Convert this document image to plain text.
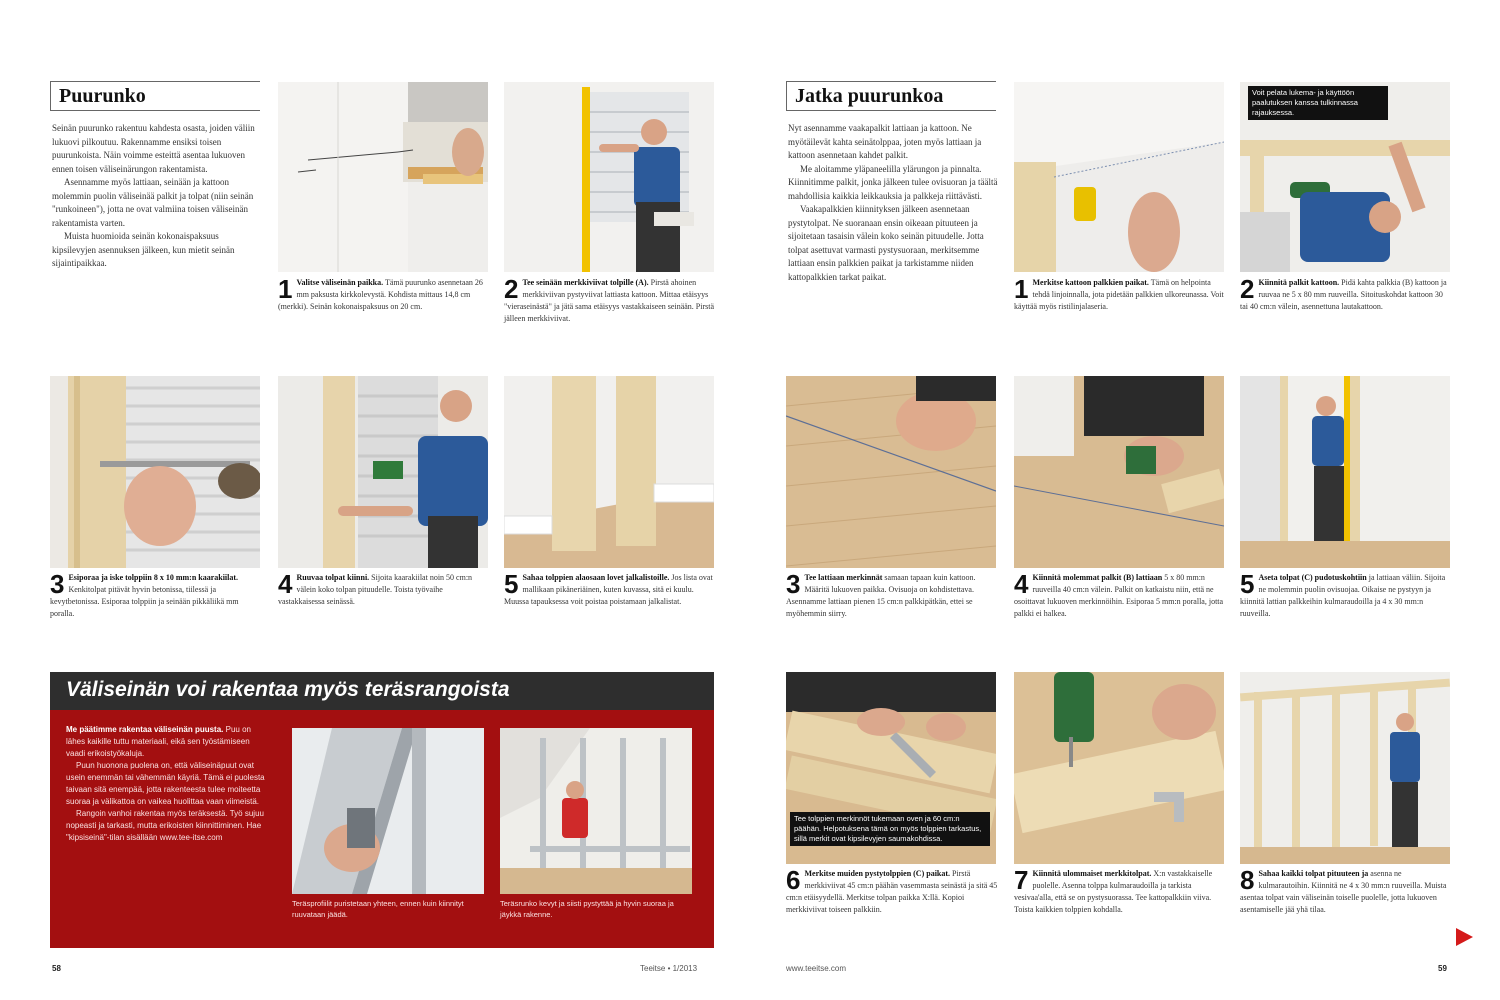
Puurunko

Seinän puurunko rakentuu kahdesta osasta, joiden väliin lukuovi pilkoutuu. Rakennamme ensiksi toisen puurunkoista. Näin voimme esteittä asentaa lukuoven ennen toisen väliseinärungon rakentamista.

Asennamme myös lattiaan, seinään ja kattoon molemmin puolin väliseinää palkit ja tolpat (niin seinän "runkoineen"), jotta ne ovat valmiina toisen väliseinän rakentamista varten.

Muista huomioida seinän kokonaispaksuus kipsilevyjen asennuksen jälkeen, kun mietit seinän sijaintipaikkaa.

1 Valitse väliseinän paikka. Tämä puurunko asennetaan 26 mm paksusta kirkkolevystä. Kohdista mittaus 14,8 cm (merkki). Seinän kokonaispaksuus on 20 cm.
2 Tee seinään merkkiviivat tolpille (A). Pirstä ahoinen merkkiviivan pystyviivat lattiasta kattoon. Mittaa etäisyys "vieraseinästä" ja jätä sama etäisyys vastakkaiseen seinään. Pirstä jälleen merkkiviivat.
3 Esiporaa ja iske tolppiin 8 x 10 mm:n kaarakiilat. Kenkitolpat pitävät hyvin betonissa, tiilessä ja kevytbetonissa. Esiporaa tolppiin ja seinään pikkäliikä mm poralla.
4 Ruuvaa tolpat kiinni. Sijoita kaarakiilat noin 50 cm:n välein koko tolpan pituudelle. Toista työvaihe vastakkaisessa seinässä.
5 Sahaa tolppien alaosaan lovet jalkalistoille. Jos lista ovat mallikaan pikäneriäinen, kuten kuvassa, sitä ei kuulu. Muussa tapauksessa voit poistaa poistamaan jalkalistat.
Väliseinän voi rakentaa myös teräsrangoista

Me päätimme rakentaa väliseinän puusta. Puu on lähes kaikille tuttu materiaali, eikä sen työstämiseen vaadi erikoistyökaluja.

Puun huonona puolena on, että väliseinäpuut ovat usein enemmän tai vähemmän käyriä. Tämä ei puolesta taivaan sitä enempää, jotta rakenteesta tulee moiteetta suoraa ja välikattoa on vaikea huolittaa vaan viimeistä.

Rangoin vanhoi rakentaa myös teräksestä. Työ sujuu nopeasti ja tarkasti, mutta erikoisten kiinnittiminen. Hae "kipsiseinä"-tilan sisällään www.tee-itse.com

Teräsprofiilit puristetaan yhteen, ennen kuin kiinnityt ruuvataan jäädä.
Teräsrunko kevyt ja siisti pystyttää ja hyvin suoraa ja jäykkä rakenne.
58	Teeitse • 1/2013
Jatka puurunkoa

Nyt asennamme vaakapalkit lattiaan ja kattoon. Ne myötäilevät kahta seinätolppaa, joten myös lattiaan ja kattoon asennetaan kahdet palkit.

Me aloitamme yläpaneelilla ylärungon ja pinnalta. Kiinnitimme palkit, jonka jälkeen tulee ovisuoran ja täältä mahdollisia kaikkia leikkauksia ja palkkeja riittävästi.

Vaakapalkkien kiinnityksen jälkeen asennetaan pystytolpat. Ne suoranaan ensin oikeaan pituuteen ja sijoitetaan tasaisin välein koko seinän pituudelle. Jotta tolpat asettuvat varmasti pystysuoraan, merkitsemme lattiaan ensin palkkien paikat ja tarkistamme niiden kattopalkkien tarkat paikat.

Voit pelata lukema- ja käyttöön paalutuksen kanssa tulkinnassa rajauksessa.
1 Merkitse kattoon palkkien paikat. Tämä on helpointa tehdä linjoinnalla, jota pidetään palkkien ulkoreunassa. Voit käyttää myös ristilinjalaseria.
2 Kiinnitä palkit kattoon. Pidä kahta palkkia (B) kattoon ja ruuvaa ne 5 x 80 mm ruuveilla. Sitoituskohdat kattoon 30 tai 40 cm:n välein, asennettuna lautakattoon.
3 Tee lattiaan merkinnät samaan tapaan kuin kattoon. Määritä lukuoven paikka. Ovisuoja on kohdistettava. Asennamme lattiaan pienen 15 cm:n palkkipätkän, ettei se myöhemmin siirry.
4 Kiinnitä molemmat palkit (B) lattiaan 5 x 80 mm:n ruuveilla 40 cm:n välein. Palkit on katkaistu niin, että ne osoittavat lukuoven merkinnöihin. Esiporaa 5 mm:n poralla, jotta palkki ei halkea.
5 Aseta tolpat (C) pudotuskohtiin ja lattiaan väliin. Sijoita ne molemmin puolin ovisuojaa. Oikaise ne pystyyn ja kiinnitä lattian palkkeihin kulmaraudoilla ja 4 x 30 mm:n ruuveilla.
Tee tolppien merkinnöt tukemaan oven ja 60 cm:n päähän. Helpotuksena tämä on myös tolppien tarkastus, sillä merkit ovat kipsilevyjen saumakohdissa.
6 Merkitse muiden pystytolppien (C) paikat. Pirstä merkkiviivat 45 cm:n päähän vasemmasta seinästä ja sitä 45 cm:n etäisyydellä. Merkitse tolpan paikka X:llä. Kopioi merkkiviivat toiseen palkkiin.
7 Kiinnitä ulommaiset merkkitolpat. X:n vastakkaiselle puolelle. Asenna tolppa kulmaraudoilla ja tarkista vesivaa'alla, että se on pystysuorassa. Tee kattopalkkiin viiva. Toista kaikkien tolppien kohdalla.
8 Sahaa kaikki tolpat pituuteen ja asenna ne kulmarautoihin. Kiinnitä ne 4 x 30 mm:n ruuveilla. Muista asentaa tolpat vain väliseinän toiselle puolelle, jotta lukuoven asentamiselle jää yhä tilaa.
www.teeitse.com	59
